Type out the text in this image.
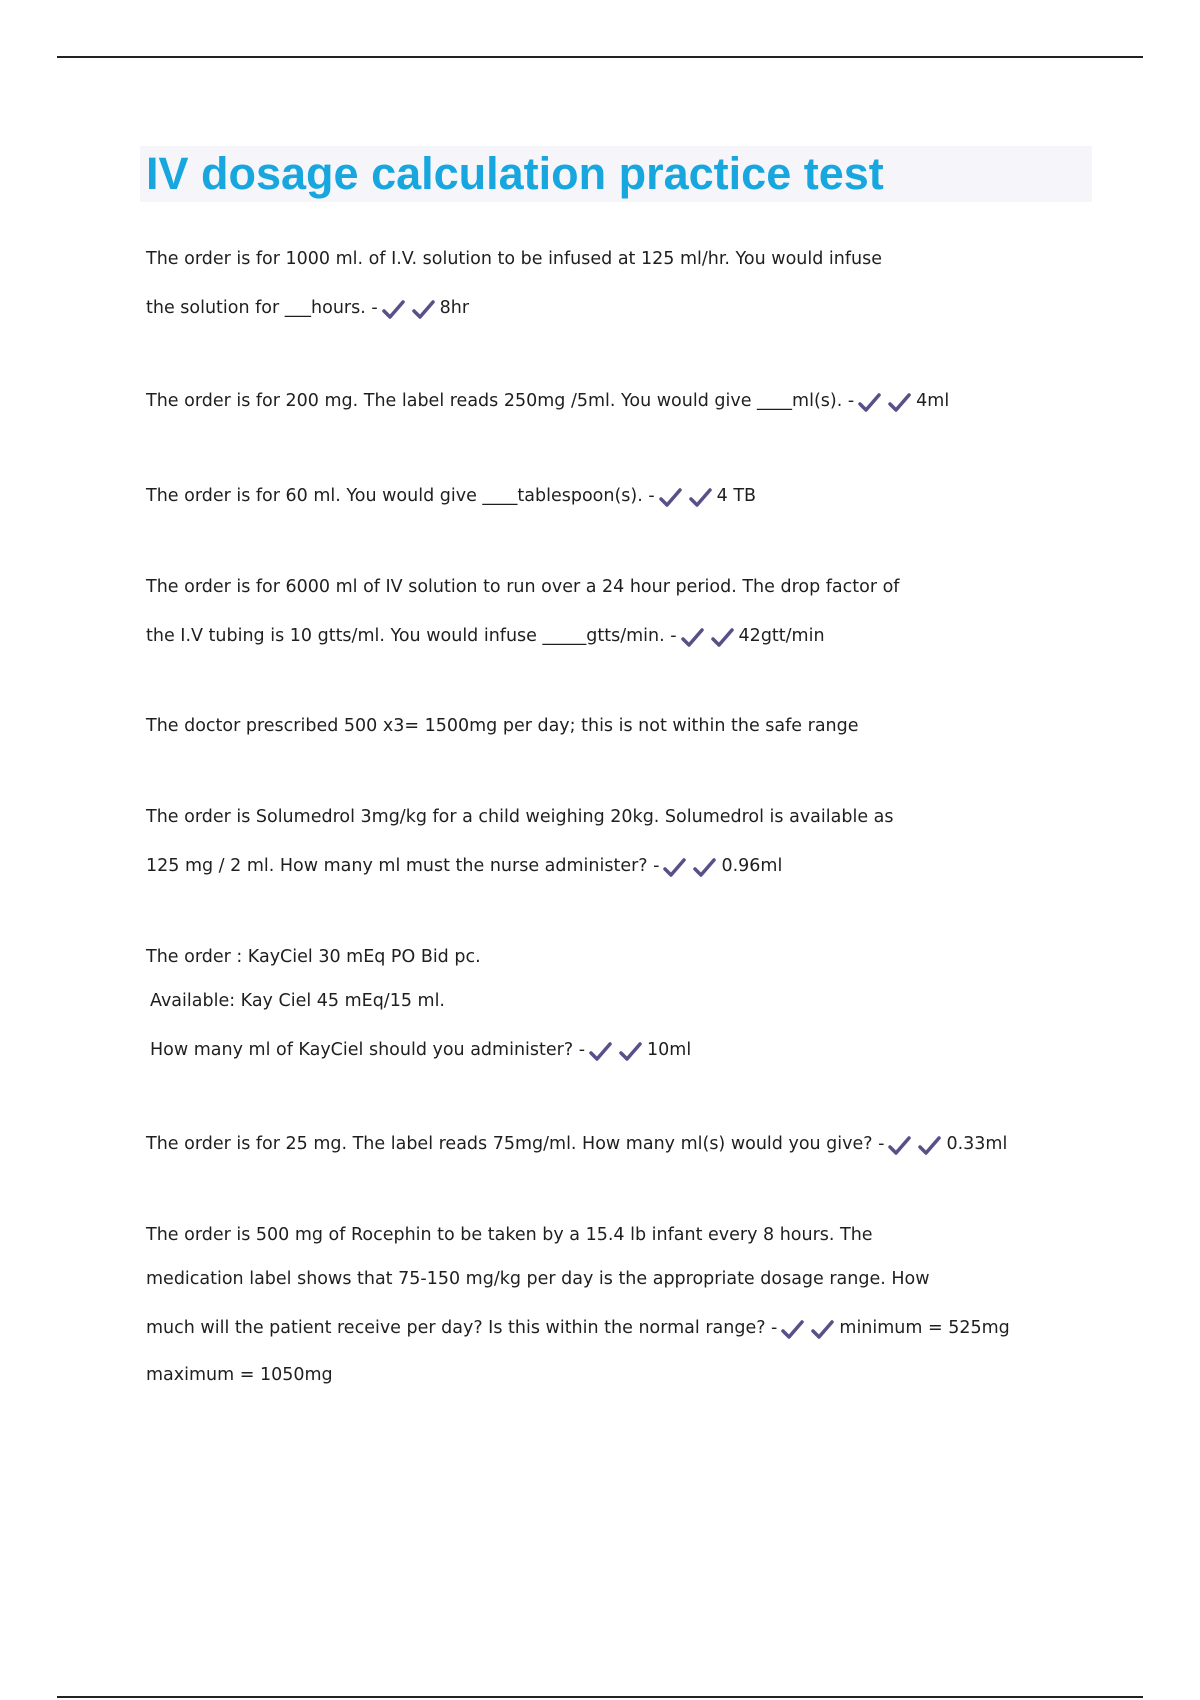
IV dosage calculation practice test
The order is for 1000 ml. of I.V. solution to be infused at 125 ml/hr. You would infuse
the solution for ___hours. -	8hr
The order is for 200 mg. The label reads 250mg /5ml. You would give ____ml(s). -	4ml
The order is for 60 ml. You would give ____tablespoon(s). -	4 TB
The order is for 6000 ml of IV solution to run over a 24 hour period. The drop factor of
the I.V tubing is 10 gtts/ml. You would infuse _____gtts/min. -	42gtt/min
The doctor prescribed 500 x3= 1500mg per day; this is not within the safe range
The order is Solumedrol 3mg/kg for a child weighing 20kg. Solumedrol is available as
125 mg / 2 ml. How many ml must the nurse administer? -	0.96ml
The order : KayCiel 30 mEq PO Bid pc.
Available: Kay Ciel 45 mEq/15 ml.
How many ml of KayCiel should you administer? -	10ml
The order is for 25 mg. The label reads 75mg/ml. How many ml(s) would you give? -	0.33ml
The order is 500 mg of Rocephin to be taken by a 15.4 lb infant every 8 hours. The
medication label shows that 75-150 mg/kg per day is the appropriate dosage range. How
much will the patient receive per day? Is this within the normal range? -	minimum = 525mg
maximum = 1050mg
